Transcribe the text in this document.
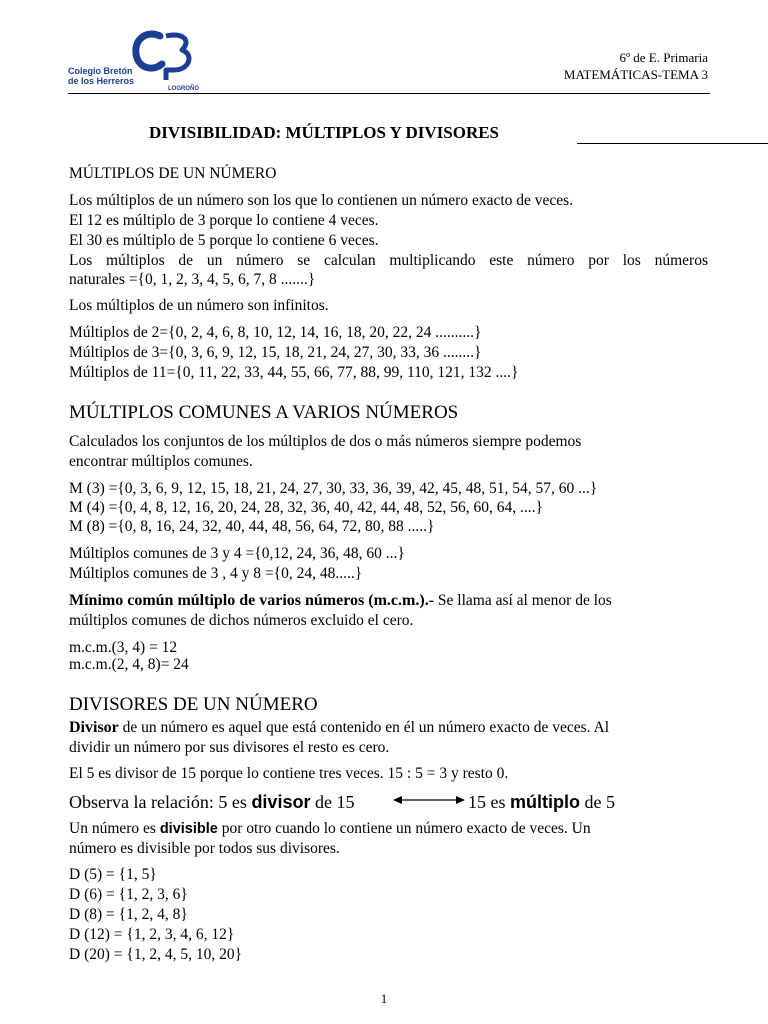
Colegio Bretón
de los Herreros
LOGROÑO
6º de E. Primaria
MATEMÁTICAS-TEMA 3
DIVISIBILIDAD: MÚLTIPLOS Y DIVISORES
MÚLTIPLOS DE UN NÚMERO
Los múltiplos de un número son los que lo contienen un número exacto de veces.
El 12 es múltiplo de 3 porque lo contiene 4 veces.
El 30 es múltiplo de 5 porque lo contiene 6 veces.
Los múltiplos de un número se calculan multiplicando este número por los números
naturales ={0, 1, 2, 3, 4, 5, 6, 7, 8 .......}
Los múltiplos de un número son infinitos.
Múltiplos de 2={0, 2, 4, 6, 8, 10, 12, 14, 16, 18, 20, 22, 24 ..........}
Múltiplos de 3={0, 3, 6, 9, 12, 15, 18, 21, 24, 27, 30, 33, 36 ........}
Múltiplos de 11={0, 11, 22, 33, 44, 55, 66, 77, 88, 99, 110, 121, 132 ....}
MÚLTIPLOS COMUNES A VARIOS NÚMEROS
Calculados los conjuntos de los múltiplos de dos o más números siempre podemos
encontrar múltiplos comunes.
M (3) ={0, 3, 6, 9, 12, 15, 18, 21, 24, 27, 30, 33, 36, 39, 42, 45, 48, 51, 54, 57, 60 ...}
M (4) ={0, 4, 8, 12, 16, 20, 24, 28, 32, 36, 40, 42, 44, 48, 52, 56, 60, 64, ....}
M (8) ={0, 8, 16, 24, 32, 40, 44, 48, 56, 64, 72, 80, 88 .....}
Múltiplos comunes de 3 y 4 ={0,12, 24, 36, 48, 60 ...}
Múltiplos comunes de 3 , 4 y 8 ={0, 24, 48.....}
Mínimo común múltiplo de varios números (m.c.m.).- Se llama así al menor de los
múltiplos comunes de dichos números excluido el cero.
m.c.m.(3, 4) = 12
m.c.m.(2, 4, 8)= 24
DIVISORES DE UN NÚMERO
Divisor de un número es aquel que está contenido en él un número exacto de veces. Al
dividir un número por sus divisores el resto es cero.
El 5 es divisor de 15 porque lo contiene tres veces. 15 : 5 = 3 y resto 0.
Observa la relación: 5 es divisor de 15	15 es múltiplo de 5
Un número es divisible por otro cuando lo contiene un número exacto de veces. Un
número es divisible por todos sus divisores.
D (5) = {1, 5}
D (6) = {1, 2, 3, 6}
D (8) = {1, 2, 4, 8}
D (12) = {1, 2, 3, 4, 6, 12}
D (20) = {1, 2, 4, 5, 10, 20}
1
